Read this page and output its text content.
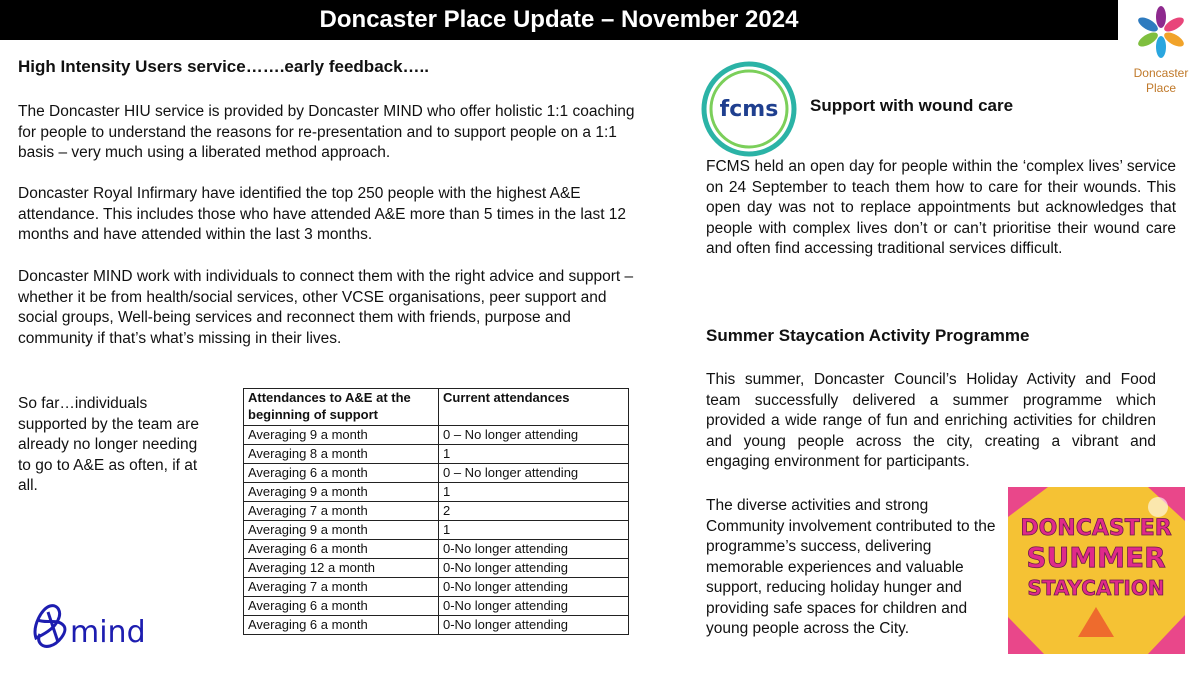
Doncaster Place Update – November 2024
Doncaster
Place
High Intensity Users service…….early feedback…..
The Doncaster HIU service is provided by Doncaster MIND who offer holistic 1:1 coaching for people to understand the reasons for re-presentation and to support people on a 1:1 basis – very much using a liberated method approach.
Doncaster Royal Infirmary have identified the top 250 people with the highest A&E attendance. This includes those who have attended A&E more than 5 times in the last 12 months and have attended within the last 3 months.
Doncaster MIND work with individuals to connect them with the right advice and support – whether it be from health/social services, other VCSE organisations, peer support and social groups, Well-being services and reconnect them with friends, purpose and community if that’s what’s missing in their lives.
So far…individuals supported by the team are already no longer needing to go to A&E as often, if at all.
Attendances to A&E at the beginning of support	Current attendances
Averaging 9 a month	0 – No longer attending
Averaging 8 a month	1
Averaging 6 a month	0 – No longer attending
Averaging 9 a month	1
Averaging 7 a month	2
Averaging 9 a month	1
Averaging 6 a month	0-No longer attending
Averaging 12 a month	0-No longer attending
Averaging 7 a month	0-No longer attending
Averaging 6 a month	0-No longer attending
Averaging 6 a month	0-No longer attending
mind
fcms Support with wound care
FCMS held an open day for people within the ‘complex lives’ service on 24 September to teach them how to care for their wounds. This open day was not to replace appointments but acknowledges that people with complex lives don’t or can’t prioritise their wound care and often find accessing traditional services difficult.
Summer Staycation Activity Programme
This summer, Doncaster Council’s Holiday Activity and Food team successfully delivered a summer programme which provided a wide range of fun and enriching activities for children and young people across the city, creating a vibrant and engaging environment for participants.
The diverse activities and strong Community involvement contributed to the programme’s success, delivering memorable experiences and valuable support, reducing holiday hunger and providing safe spaces for children and young people across the City.
DONCASTER
SUMMER
STAYCATION
